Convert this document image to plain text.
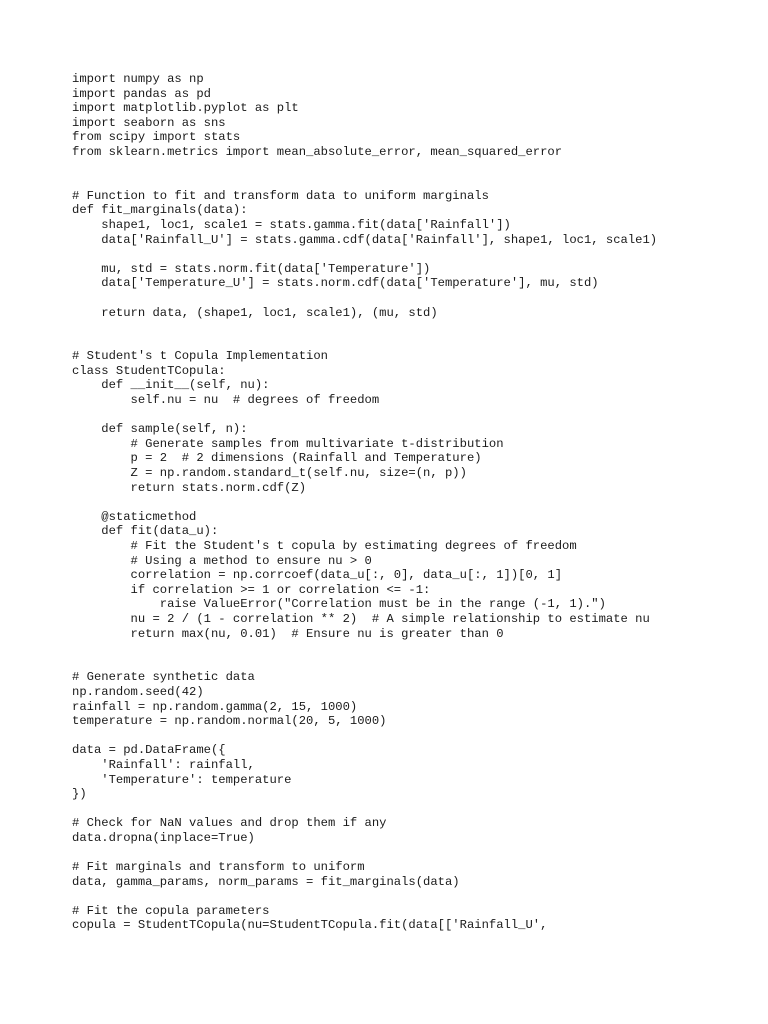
import numpy as np
import pandas as pd
import matplotlib.pyplot as plt
import seaborn as sns
from scipy import stats
from sklearn.metrics import mean_absolute_error, mean_squared_error
# Function to fit and transform data to uniform marginals
def fit_marginals(data):
shape1, loc1, scale1 = stats.gamma.fit(data['Rainfall'])
data['Rainfall_U'] = stats.gamma.cdf(data['Rainfall'], shape1, loc1, scale1)
mu, std = stats.norm.fit(data['Temperature'])
data['Temperature_U'] = stats.norm.cdf(data['Temperature'], mu, std)
return data, (shape1, loc1, scale1), (mu, std)
# Student's t Copula Implementation
class StudentTCopula:
def __init__(self, nu):
self.nu = nu  # degrees of freedom
def sample(self, n):
# Generate samples from multivariate t-distribution
p = 2  # 2 dimensions (Rainfall and Temperature)
Z = np.random.standard_t(self.nu, size=(n, p))
return stats.norm.cdf(Z)
@staticmethod
def fit(data_u):
# Fit the Student's t copula by estimating degrees of freedom
# Using a method to ensure nu > 0
correlation = np.corrcoef(data_u[:, 0], data_u[:, 1])[0, 1]
if correlation >= 1 or correlation <= -1:
raise ValueError("Correlation must be in the range (-1, 1).")
nu = 2 / (1 - correlation ** 2)  # A simple relationship to estimate nu
return max(nu, 0.01)  # Ensure nu is greater than 0
# Generate synthetic data
np.random.seed(42)
rainfall = np.random.gamma(2, 15, 1000)
temperature = np.random.normal(20, 5, 1000)
data = pd.DataFrame({
'Rainfall': rainfall,
'Temperature': temperature
})
# Check for NaN values and drop them if any
data.dropna(inplace=True)
# Fit marginals and transform to uniform
data, gamma_params, norm_params = fit_marginals(data)
# Fit the copula parameters
copula = StudentTCopula(nu=StudentTCopula.fit(data[['Rainfall_U',
